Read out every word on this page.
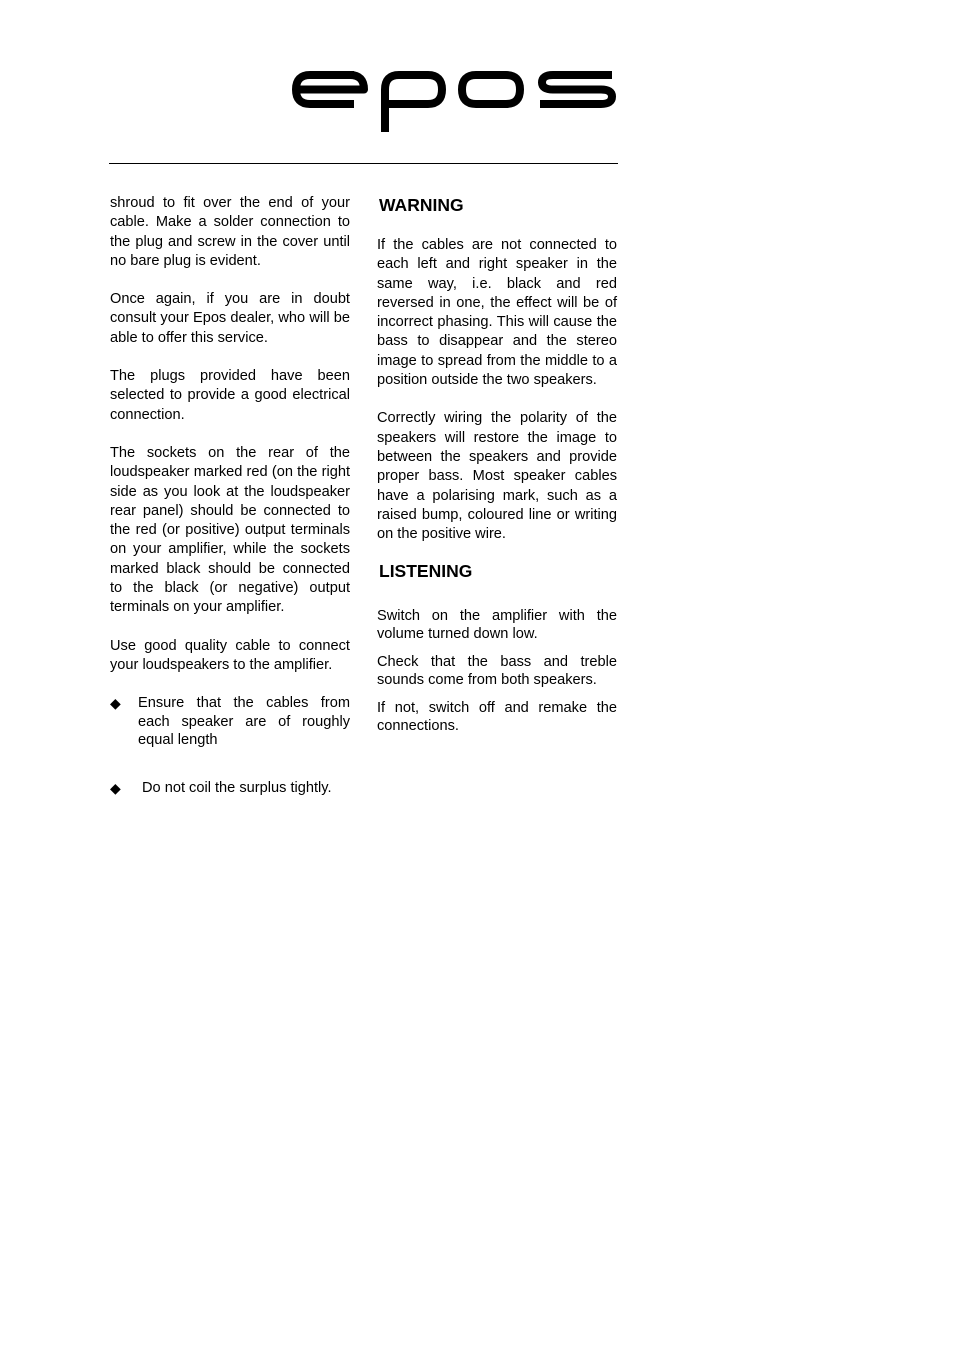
shroud to fit over the end of your cable. Make a solder connection to the plug and screw in the cover until no bare plug is evident.

Once again, if you are in doubt consult your Epos dealer, who will be able to offer this service.

The plugs provided have been selected to provide a good electrical connection.

The sockets on the rear of the loudspeaker marked red (on the right side as you look at the loudspeaker rear panel) should be connected to the red (or positive) output terminals on your amplifier, while the sockets marked black should be connected to the black (or negative) output terminals on your amplifier.

Use good quality cable to connect your loudspeakers to the amplifier.

◆ Ensure that the cables from each speaker are of roughly equal length
◆ Do not coil the surplus tightly.
WARNING

If the cables are not connected to each left and right speaker in the same way, i.e. black and red reversed in one, the effect will be of incorrect phasing. This will cause the bass to disappear and the stereo image to spread from the middle to a position outside the two speakers.

Correctly wiring the polarity of the speakers will restore the image to between the speakers and provide proper bass. Most speaker cables have a polarising mark, such as a raised bump, coloured line or writing on the positive wire.

LISTENING

Switch on the amplifier with the volume turned down low.

Check that the bass and treble sounds come from both speakers.

If not, switch off and remake the connections.
